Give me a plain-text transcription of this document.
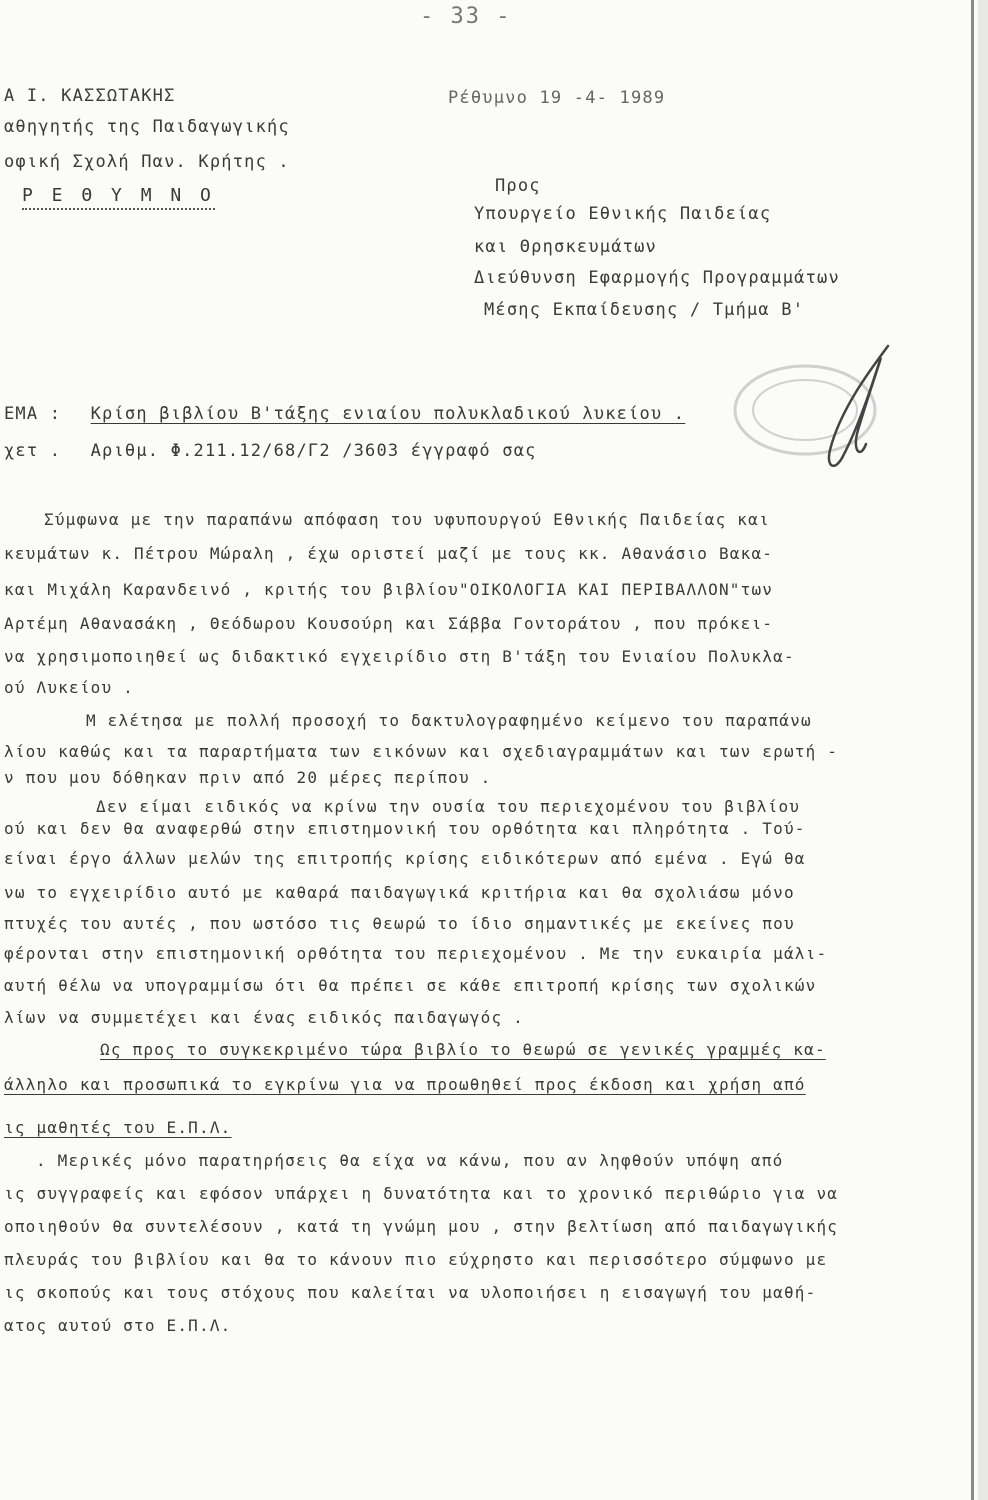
- 33 -
Α Ι. ΚΑΣΣΩΤΑΚΗΣ
αθηγητής της Παιδαγωγικής
οφική Σχολή Παν. Κρήτης .
Ρ Ε Θ Υ Μ Ν Ο
Ρέθυμνο 19 -4- 1989
Προς
Υπουργείο Εθνικής Παιδείας
και Θρησκευμάτων
Διεύθυνση Εφαρμογής Προγραμμάτων
Μέσης Εκπαίδευσης / Τμήμα Β'
ΕΜΑ : Κρίση βιβλίου Β'τάξης ενιαίου πολυκλαδικού λυκείου .
χετ . Αριθμ. Φ.211.12/68/Γ2 /3603 έγγραφό σας
Σύμφωνα με την παραπάνω απόφαση του υφυπουργού Εθνικής Παιδείας και
κευμάτων κ. Πέτρου Μώραλη , έχω οριστεί μαζί με τους κκ. Αθανάσιο Βακα-
και Μιχάλη Καρανδεινό , κριτής του βιβλίου"ΟΙΚΟΛΟΓΙΑ ΚΑΙ ΠΕΡΙΒΑΛΛΟΝ"των
Αρτέμη Αθανασάκη , Θεόδωρου Κουσούρη και Σάββα Γοντοράτου , που πρόκει-
να χρησιμοποιηθεί ως διδακτικό εγχειρίδιο στη Β'τάξη του Ενιαίου Πολυκλα-
ού Λυκείου .
Μ ελέτησα με πολλή προσοχή το δακτυλογραφημένο κείμενο του παραπάνω
λίου καθώς και τα παραρτήματα των εικόνων και σχεδιαγραμμάτων και των ερωτή -
ν που μου δόθηκαν πριν από 20 μέρες περίπου .
Δεν είμαι ειδικός να κρίνω την ουσία του περιεχομένου του βιβλίου
ού και δεν θα αναφερθώ στην επιστημονική του ορθότητα και πληρότητα . Τού-
είναι έργο άλλων μελών της επιτροπής κρίσης ειδικότερων από εμένα . Εγώ θα
νω το εγχειρίδιο αυτό με καθαρά παιδαγωγικά κριτήρια και θα σχολιάσω μόνο
πτυχές του αυτές , που ωστόσο τις θεωρώ το ίδιο σημαντικές με εκείνες που
φέρονται στην επιστημονική ορθότητα του περιεχομένου . Με την ευκαιρία μάλι-
αυτή θέλω να υπογραμμίσω ότι θα πρέπει σε κάθε επιτροπή κρίσης των σχολικών
λίων να συμμετέχει και ένας ειδικός παιδαγωγός .
Ως προς το συγκεκριμένο τώρα βιβλίο το θεωρώ σε γενικές γραμμές κα-
άλληλο και προσωπικά το εγκρίνω για να προωθηθεί προς έκδοση και χρήση από
ις μαθητές του Ε.Π.Λ.
. Μερικές μόνο παρατηρήσεις θα είχα να κάνω, που αν ληφθούν υπόψη από
ις συγγραφείς και εφόσον υπάρχει η δυνατότητα και το χρονικό περιθώριο για να
οποιηθούν θα συντελέσουν , κατά τη γνώμη μου , στην βελτίωση από παιδαγωγικής
πλευράς του βιβλίου και θα το κάνουν πιο εύχρηστο και περισσότερο σύμφωνο με
ις σκοπούς και τους στόχους που καλείται να υλοποιήσει η εισαγωγή του μαθή-
ατος αυτού στο Ε.Π.Λ.
